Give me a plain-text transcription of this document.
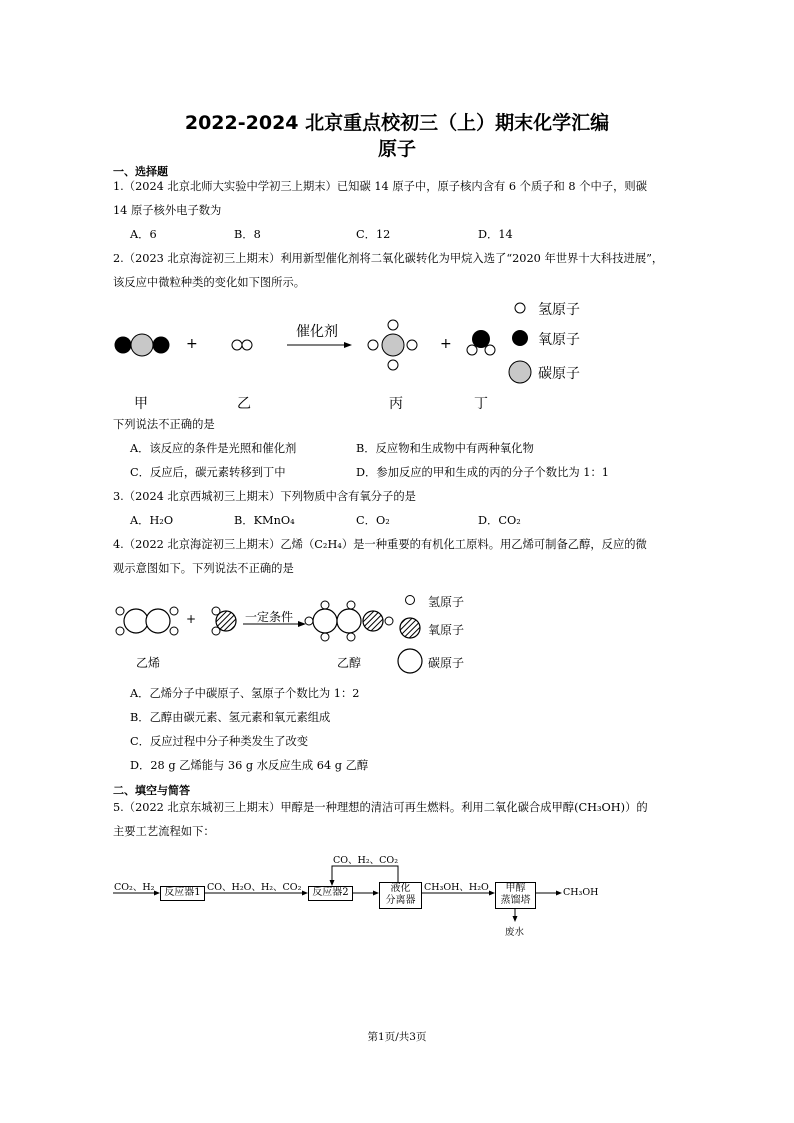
2022-2024 北京重点校初三（上）期末化学汇编
原子
一、选择题
1.（2024 北京北师大实验中学初三上期末）已知碳 14 原子中，原子核内含有 6 个质子和 8 个中子，则碳
14 原子核外电子数为
A．6	B．8	C．12	D．14
2.（2023 北京海淀初三上期末）利用新型催化剂将二氧化碳转化为甲烷入选了“2020 年世界十大科技进展”，
该反应中微粒种类的变化如下图所示。
+
催化剂
+
氢原子
氧原子
碳原子
甲	乙	丙	丁
下列说法不正确的是
A．该反应的条件是光照和催化剂	B．反应物和生成物中有两种氧化物
C．反应后，碳元素转移到丁中	D．参加反应的甲和生成的丙的分子个数比为 1：1
3.（2024 北京西城初三上期末）下列物质中含有氧分子的是
A．H₂O	B．KMnO₄	C．O₂	D．CO₂
4.（2022 北京海淀初三上期末）乙烯（C₂H₄）是一种重要的有机化工原料。用乙烯可制备乙醇，反应的微
观示意图如下。下列说法不正确的是
+	一定条件
氢原子
氧原子
碳原子
乙烯	乙醇
A．乙烯分子中碳原子、氢原子个数比为 1：2
B．乙醇由碳元素、氢元素和氧元素组成
C．反应过程中分子种类发生了改变
D．28 g 乙烯能与 36 g 水反应生成 64 g 乙醇
二、填空与简答
5.（2022 北京东城初三上期末）甲醇是一种理想的清洁可再生燃料。利用二氧化碳合成甲醇(CH₃OH)）的
主要工艺流程如下：
反应器1	反应器2	液化
分离器
甲醇
蒸馏塔
CO₂、H₂	CO、H₂O、H₂、CO₂
CO、H₂、CO₂
CH₃OH、H₂O	CH₃OH
废水
第1页/共3页
